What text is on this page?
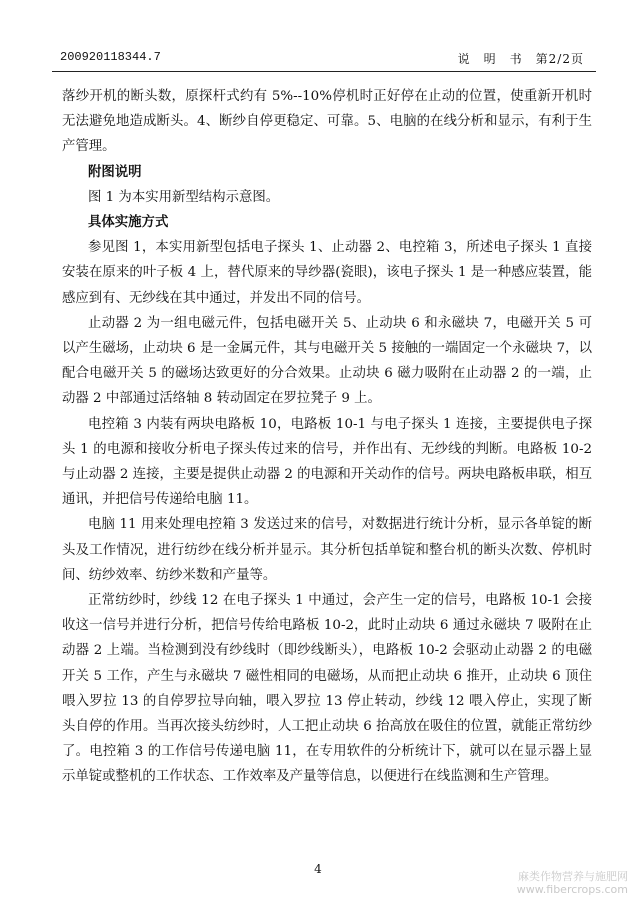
200920118344.7	说　明　书　第2/2页

落纱开机的断头数，原探杆式约有 5%--10%停机时正好停在止动的位置，使重新开机时无法避免地造成断头。4、断纱自停更稳定、可靠。5、电脑的在线分析和显示，有利于生产管理。

附图说明

图 1 为本实用新型结构示意图。

具体实施方式

参见图 1，本实用新型包括电子探头 1、止动器 2、电控箱 3，所述电子探头 1 直接安装在原来的叶子板 4 上，替代原来的导纱器(瓷眼)，该电子探头 1 是一种感应装置，能感应到有、无纱线在其中通过，并发出不同的信号。

止动器 2 为一组电磁元件，包括电磁开关 5、止动块 6 和永磁块 7，电磁开关 5 可以产生磁场，止动块 6 是一金属元件，其与电磁开关 5 接触的一端固定一个永磁块 7，以配合电磁开关 5 的磁场达致更好的分合效果。止动块 6 磁力吸附在止动器 2 的一端，止动器 2 中部通过活络轴 8 转动固定在罗拉凳子 9 上。

电控箱 3 内装有两块电路板 10，电路板 10-1 与电子探头 1 连接，主要提供电子探头 1 的电源和接收分析电子探头传过来的信号，并作出有、无纱线的判断。电路板 10-2 与止动器 2 连接，主要是提供止动器 2 的电源和开关动作的信号。两块电路板串联，相互通讯，并把信号传递给电脑 11。

电脑 11 用来处理电控箱 3 发送过来的信号，对数据进行统计分析，显示各单锭的断头及工作情况，进行纺纱在线分析并显示。其分析包括单锭和整台机的断头次数、停机时间、纺纱效率、纺纱米数和产量等。

正常纺纱时，纱线 12 在电子探头 1 中通过，会产生一定的信号，电路板 10-1 会接收这一信号并进行分析，把信号传给电路板 10-2，此时止动块 6 通过永磁块 7 吸附在止动器 2 上端。当检测到没有纱线时（即纱线断头），电路板 10-2 会驱动止动器 2 的电磁开关 5 工作，产生与永磁块 7 磁性相同的电磁场，从而把止动块 6 推开，止动块 6 顶住喂入罗拉 13 的自停罗拉导向轴，喂入罗拉 13 停止转动，纱线 12 喂入停止，实现了断头自停的作用。当再次接头纺纱时，人工把止动块 6 抬高放在吸住的位置，就能正常纺纱了。电控箱 3 的工作信号传递电脑 11，在专用软件的分析统计下，就可以在显示器上显示单锭或整机的工作状态、工作效率及产量等信息，以便进行在线监测和生产管理。

4
麻类作物营养与施肥网
www.fibercrops.com
